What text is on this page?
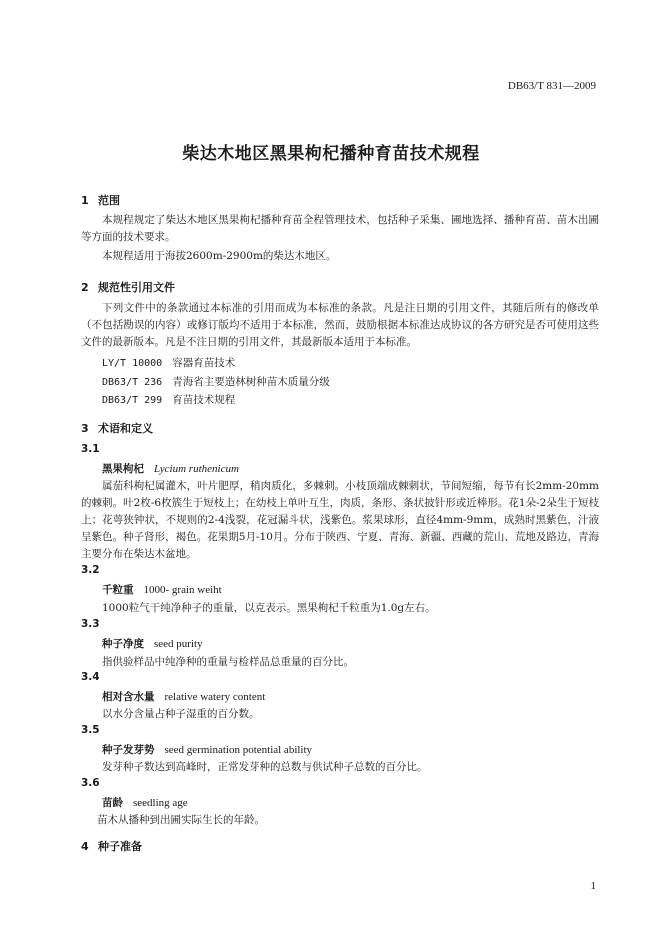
DB63/T 831—2009
柴达木地区黑果枸杞播种育苗技术规程
1 范围
本规程规定了柴达木地区黑果枸杞播种育苗全程管理技术，包括种子采集、圃地选择、播种育苗、苗木出圃等方面的技术要求。
本规程适用于海拔2600m-2900m的柴达木地区。
2 规范性引用文件
下列文件中的条款通过本标准的引用而成为本标准的条款。凡是注日期的引用文件，其随后所有的修改单（不包括勘误的内容）或修订版均不适用于本标准，然而，鼓励根据本标准达成协议的各方研究是否可使用这些文件的最新版本。凡是不注日期的引用文件，其最新版本适用于本标准。
LY/T 10000 容器育苗技术
DB63/T 236 青海省主要造林树种苗木质量分级
DB63/T 299 育苗技术规程
3 术语和定义
3.1
黑果枸杞 Lycium ruthenicum
属茄科枸杞属灌木，叶片肥厚，稍肉质化，多棘刺。小枝顶端成棘刺状，节间短缩，每节有长2mm-20mm的棘刺。叶2枚-6枚簇生于短枝上；在幼枝上单叶互生，肉质，条形、条状披针形或近棒形。花1朵-2朵生于短枝上；花萼狭钟状，不规则的2-4浅裂，花冠漏斗状，浅紫色。浆果球形，直径4mm-9mm，成熟时黑紫色，汁液呈紫色。种子肾形，褐色。花果期5月-10月。分布于陕西、宁夏、青海、新疆、西藏的荒山、荒地及路边，青海主要分布在柴达木盆地。
3.2
千粒重 1000- grain weiht
1000粒气干纯净种子的重量，以克表示。黑果枸杞千粒重为1.0g左右。
3.3
种子净度 seed purity
指供验样品中纯净种的重量与检样品总重量的百分比。
3.4
相对含水量 relative watery content
以水分含量占种子湿重的百分数。
3.5
种子发芽势 seed germination potential ability
发芽种子数达到高峰时，正常发芽种的总数与供试种子总数的百分比。
3.6
苗龄 seedling age
苗木从播种到出圃实际生长的年龄。
4 种子准备
1
